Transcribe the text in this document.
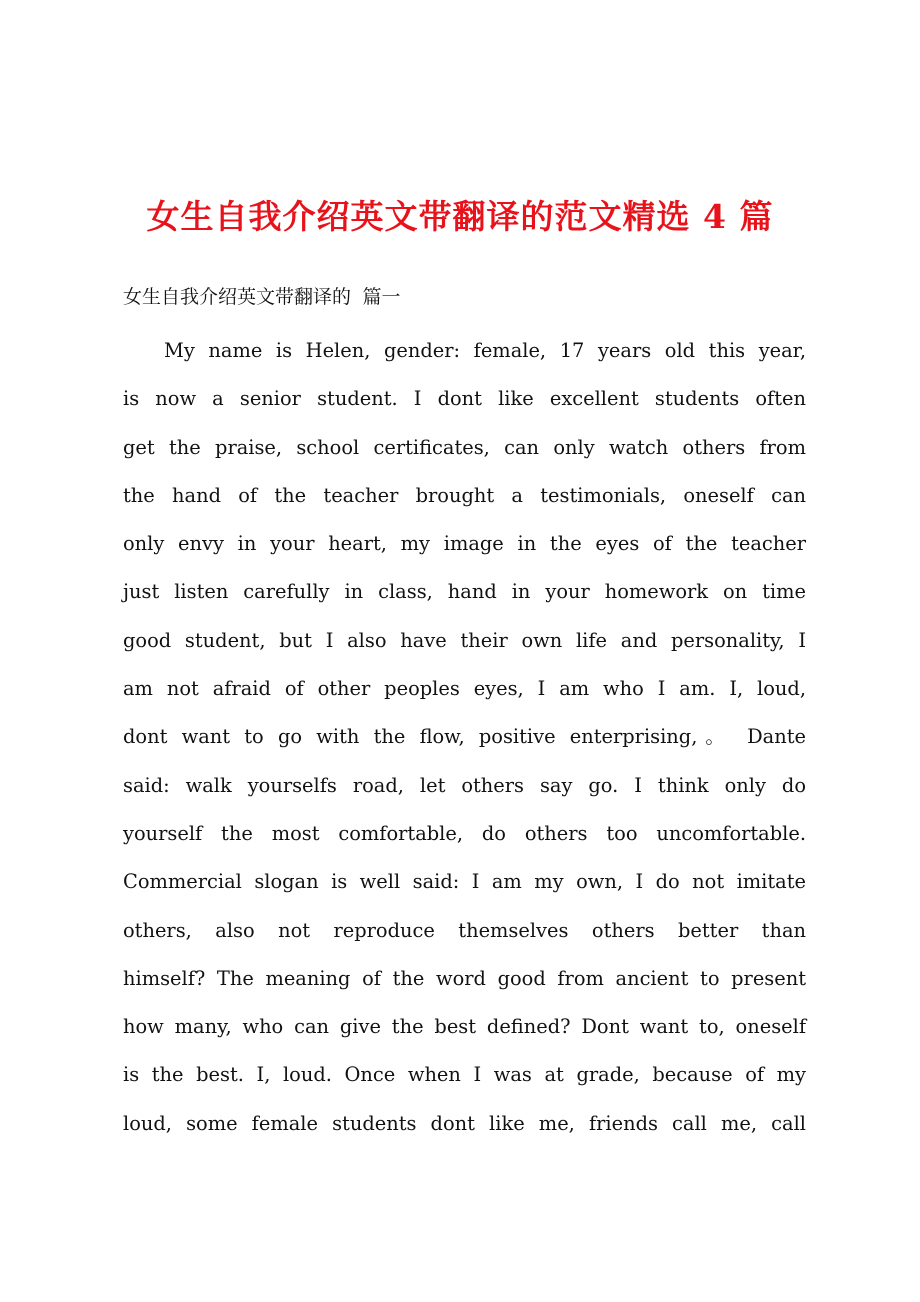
女生自我介绍英文带翻译的范文精选 4 篇

女生自我介绍英文带翻译的 篇一

My name is Helen, gender: female, 17 years old this year,
is now a senior student. I dont like excellent students often
get the praise, school certificates, can only watch others from
the hand of the teacher brought a testimonials, oneself can
only envy in your heart, my image in the eyes of the teacher
just listen carefully in class, hand in your homework on time
good student, but I also have their own life and personality, I
am not afraid of other peoples eyes, I am who I am. I, loud,
dont want to go with the flow, positive enterprising,。 Dante
said: walk yourselfs road, let others say go. I think only do
yourself the most comfortable, do others too uncomfortable.
Commercial slogan is well said: I am my own, I do not imitate
others, also not reproduce themselves others better than
himself? The meaning of the word good from ancient to present
how many, who can give the best defined? Dont want to, oneself
is the best. I, loud. Once when I was at grade, because of my
loud, some female students dont like me, friends call me, call
